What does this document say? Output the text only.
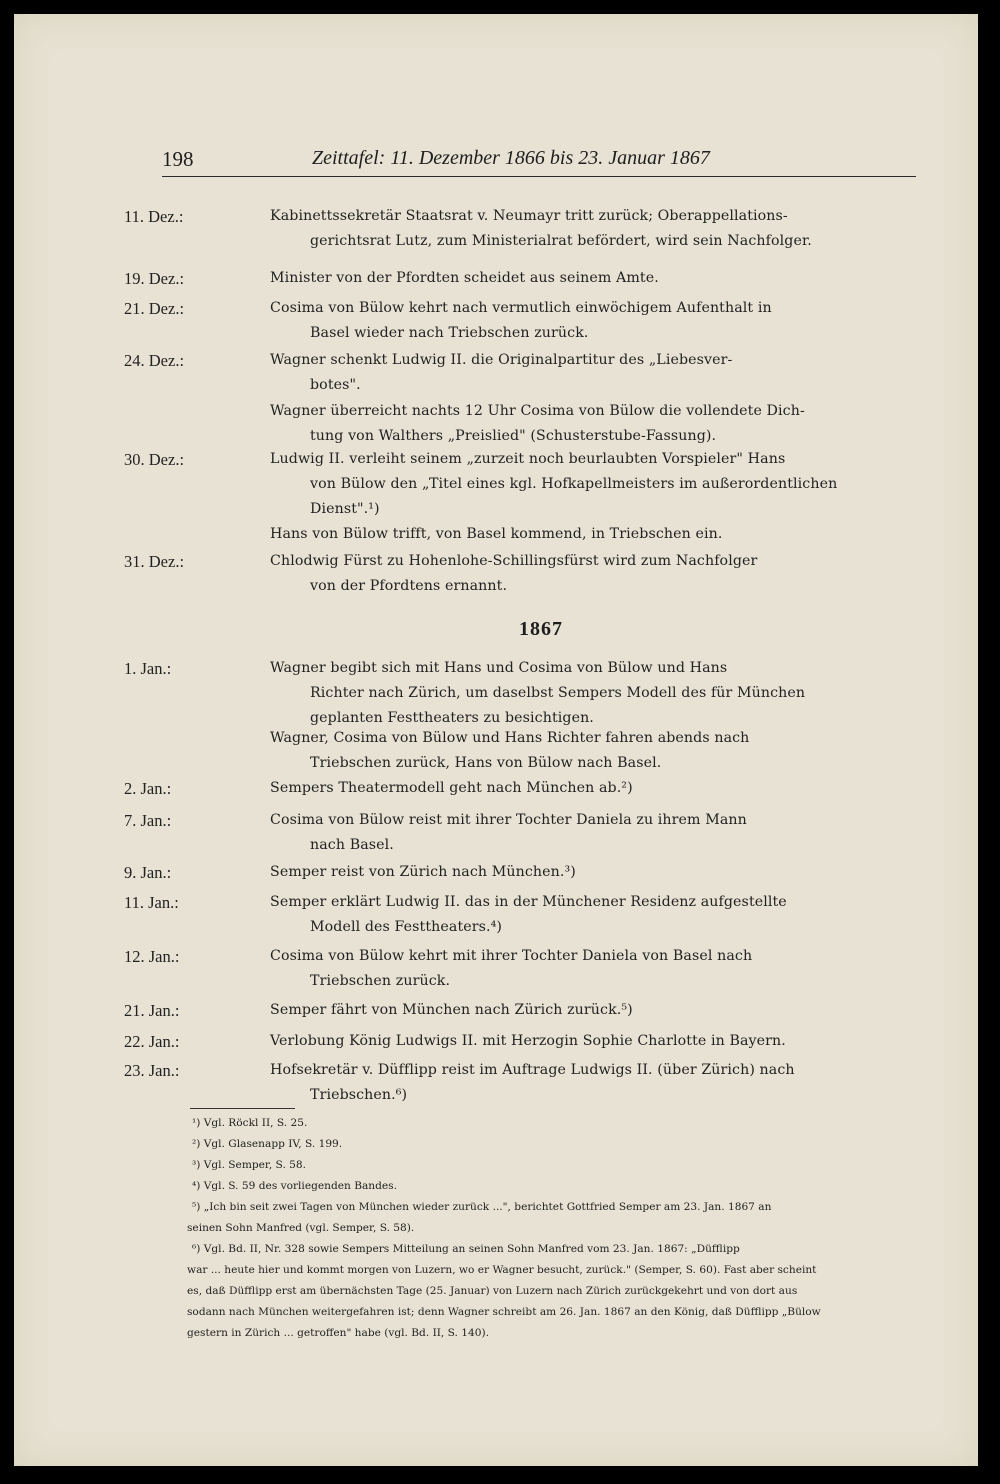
198	Zeittafel: 11. Dezember 1866 bis 23. Januar 1867
11. Dez.:	Kabinettssekretär Staatsrat v. Neumayr tritt zurück; Oberappellations-
gerichtsrat Lutz, zum Ministerialrat befördert, wird sein Nachfolger.
19. Dez.:	Minister von der Pfordten scheidet aus seinem Amte.
21. Dez.:	Cosima von Bülow kehrt nach vermutlich einwöchigem Aufenthalt in
Basel wieder nach Triebschen zurück.
24. Dez.:	Wagner schenkt Ludwig II. die Originalpartitur des „Liebesver-
botes".
Wagner überreicht nachts 12 Uhr Cosima von Bülow die vollendete Dich-
tung von Walthers „Preislied" (Schusterstube-Fassung).
30. Dez.:	Ludwig II. verleiht seinem „zurzeit noch beurlaubten Vorspieler" Hans
von Bülow den „Titel eines kgl. Hofkapellmeisters im außerordentlichen
Dienst".¹)
Hans von Bülow trifft, von Basel kommend, in Triebschen ein.
31. Dez.:	Chlodwig Fürst zu Hohenlohe-Schillingsfürst wird zum Nachfolger
von der Pfordtens ernannt.
1867
1. Jan.:	Wagner begibt sich mit Hans und Cosima von Bülow und Hans
Richter nach Zürich, um daselbst Sempers Modell des für München
geplanten Festtheaters zu besichtigen.
Wagner, Cosima von Bülow und Hans Richter fahren abends nach
Triebschen zurück, Hans von Bülow nach Basel.
2. Jan.:	Sempers Theatermodell geht nach München ab.²)
7. Jan.:	Cosima von Bülow reist mit ihrer Tochter Daniela zu ihrem Mann
nach Basel.
9. Jan.:	Semper reist von Zürich nach München.³)
11. Jan.:	Semper erklärt Ludwig II. das in der Münchener Residenz aufgestellte
Modell des Festtheaters.⁴)
12. Jan.:	Cosima von Bülow kehrt mit ihrer Tochter Daniela von Basel nach
Triebschen zurück.
21. Jan.:	Semper fährt von München nach Zürich zurück.⁵)
22. Jan.:	Verlobung König Ludwigs II. mit Herzogin Sophie Charlotte in Bayern.
23. Jan.:	Hofsekretär v. Düfflipp reist im Auftrage Ludwigs II. (über Zürich) nach
Triebschen.⁶)
¹) Vgl. Röckl II, S. 25.
²) Vgl. Glasenapp IV, S. 199.
³) Vgl. Semper, S. 58.
⁴) Vgl. S. 59 des vorliegenden Bandes.
⁵) „Ich bin seit zwei Tagen von München wieder zurück ...", berichtet Gottfried Semper am 23. Jan. 1867 an
seinen Sohn Manfred (vgl. Semper, S. 58).
⁶) Vgl. Bd. II, Nr. 328 sowie Sempers Mitteilung an seinen Sohn Manfred vom 23. Jan. 1867: „Düfflipp
war ... heute hier und kommt morgen von Luzern, wo er Wagner besucht, zurück." (Semper, S. 60). Fast aber scheint
es, daß Düfflipp erst am übernächsten Tage (25. Januar) von Luzern nach Zürich zurückgekehrt und von dort aus
sodann nach München weitergefahren ist; denn Wagner schreibt am 26. Jan. 1867 an den König, daß Düfflipp „Bülow
gestern in Zürich ... getroffen" habe (vgl. Bd. II, S. 140).
